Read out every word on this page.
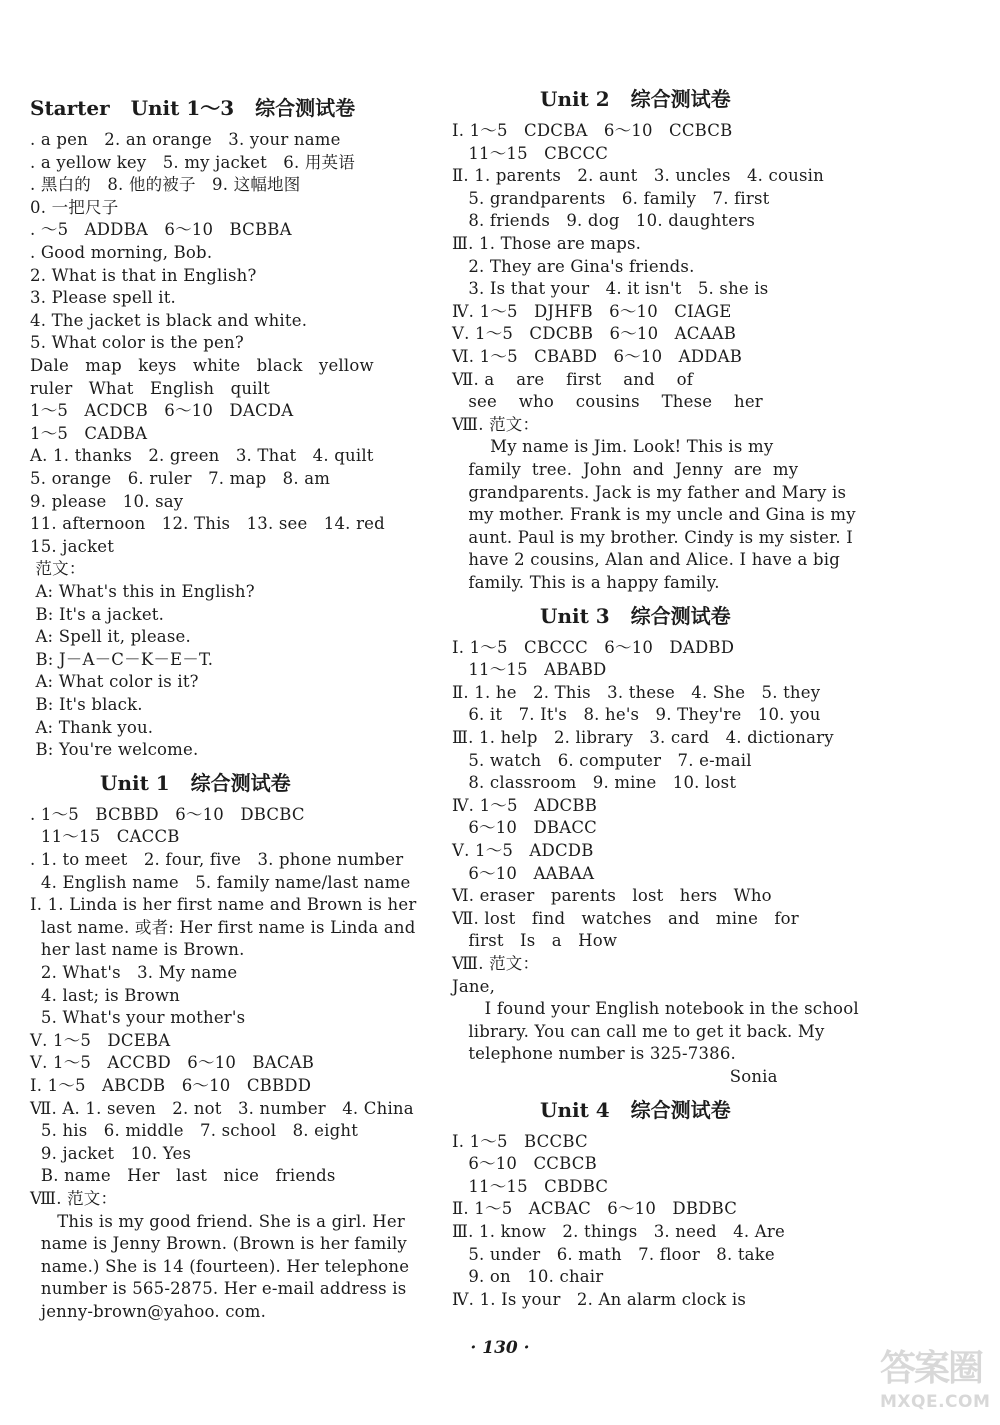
Starter   Unit 1～3   综合测试卷
. a pen   2. an orange   3. your name
. a yellow key   5. my jacket   6. 用英语
. 黑白的   8. 他的被子   9. 这幅地图
0. 一把尺子
. ～5   ADDBA   6～10   BCBBA
. Good morning, Bob.
2. What is that in English?
3. Please spell it.
4. The jacket is black and white.
5. What color is the pen?
Dale   map   keys   white   black   yellow
ruler   What   English   quilt
1～5   ACDCB   6～10   DACDA
1～5   CADBA
A. 1. thanks   2. green   3. That   4. quilt
5. orange   6. ruler   7. map   8. am
9. please   10. say
11. afternoon   12. This   13. see   14. red
15. jacket
范文：
A: What's this in English?
B: It's a jacket.
A: Spell it, please.
B: J－A－C－K－E－T.
A: What color is it?
B: It's black.
A: Thank you.
B: You're welcome.
Unit 1   综合测试卷
. 1～5   BCBBD   6～10   DBCBC
11～15   CACCB
. 1. to meet   2. four, five   3. phone number
4. English name   5. family name/last name
Ⅰ. 1. Linda is her first name and Brown is her
last name. 或者: Her first name is Linda and
her last name is Brown.
2. What's   3. My name
4. last; is Brown
5. What's your mother's
Ⅴ. 1～5   DCEBA
Ⅴ. 1～5   ACCBD   6～10   BACAB
Ⅰ. 1～5   ABCDB   6～10   CBBDD
Ⅶ. A. 1. seven   2. not   3. number   4. China
5. his   6. middle   7. school   8. eight
9. jacket   10. Yes
B. name   Her   last   nice   friends
Ⅷ. 范文：
This is my good friend. She is a girl. Her
name is Jenny Brown. (Brown is her family
name.) She is 14 (fourteen). Her telephone
number is 565-2875. Her e-mail address is
jenny-brown@yahoo. com.
Unit 2   综合测试卷
Ⅰ. 1～5   CDCBA   6～10   CCBCB
11～15   CBCCC
Ⅱ. 1. parents   2. aunt   3. uncles   4. cousin
5. grandparents   6. family   7. first
8. friends   9. dog   10. daughters
Ⅲ. 1. Those are maps.
2. They are Gina's friends.
3. Is that your   4. it isn't   5. she is
Ⅳ. 1～5   DJHFB   6～10   CIAGE
Ⅴ. 1～5   CDCBB   6～10   ACAAB
Ⅵ. 1～5   CBABD   6～10   ADDAB
Ⅶ. a    are    first    and    of
see    who    cousins    These    her
Ⅷ. 范文：
My name is Jim. Look! This is my
family  tree.  John  and  Jenny  are  my
grandparents. Jack is my father and Mary is
my mother. Frank is my uncle and Gina is my
aunt. Paul is my brother. Cindy is my sister. I
have 2 cousins, Alan and Alice. I have a big
family. This is a happy family.
Unit 3   综合测试卷
Ⅰ. 1～5   CBCCC   6～10   DADBD
11～15   ABABD
Ⅱ. 1. he   2. This   3. these   4. She   5. they
6. it   7. It's   8. he's   9. They're   10. you
Ⅲ. 1. help   2. library   3. card   4. dictionary
5. watch   6. computer   7. e-mail
8. classroom   9. mine   10. lost
Ⅳ. 1～5   ADCBB
6～10   DBACC
Ⅴ. 1～5   ADCDB
6～10   AABAA
Ⅵ. eraser   parents   lost   hers   Who
Ⅶ. lost   find   watches   and   mine   for
first   Is   a   How
Ⅷ. 范文：
Jane,
I found your English notebook in the school
library. You can call me to get it back. My
telephone number is 325-7386.
Sonia
Unit 4   综合测试卷
Ⅰ. 1～5   BCCBC
6～10   CCBCB
11～15   CBDBC
Ⅱ. 1～5   ACBAC   6～10   DBDBC
Ⅲ. 1. know   2. things   3. need   4. Are
5. under   6. math   7. floor   8. take
9. on   10. chair
Ⅳ. 1. Is your   2. An alarm clock is
· 130 ·	答案圈
MXQE.COM
